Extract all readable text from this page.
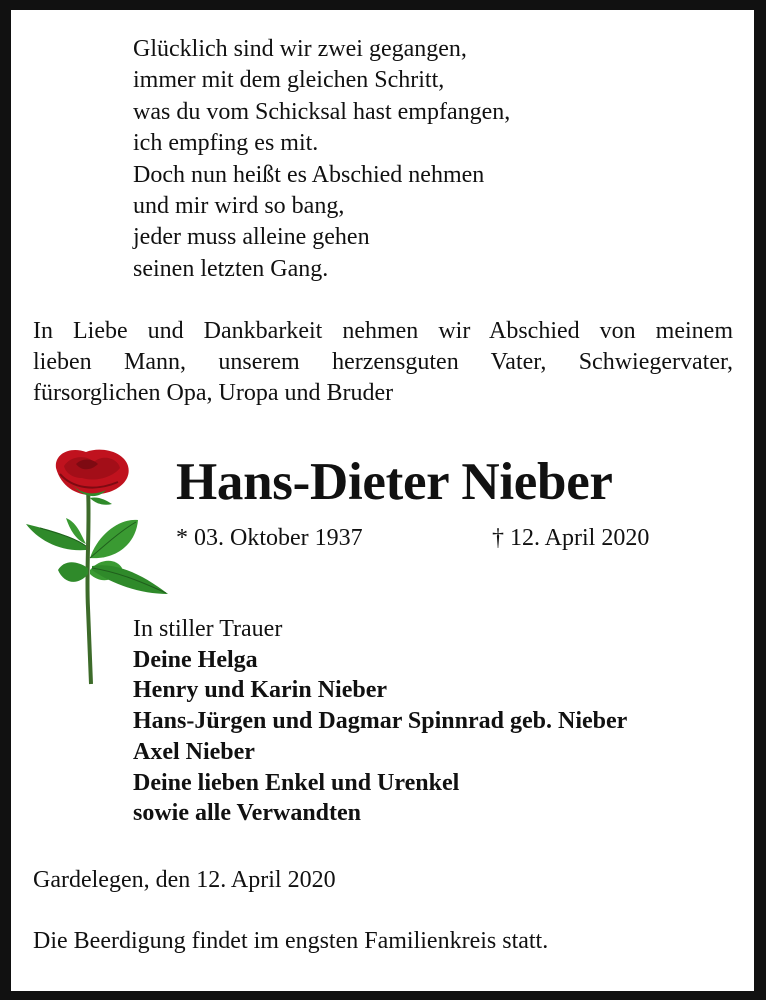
Glücklich sind wir zwei gegangen,
immer mit dem gleichen Schritt,
was du vom Schicksal hast empfangen,
ich empfing es mit.
Doch nun heißt es Abschied nehmen
und mir wird so bang,
jeder muss alleine gehen
seinen letzten Gang.
In Liebe und Dankbarkeit nehmen wir Abschied von meinem
lieben Mann, unserem herzensguten Vater, Schwiegervater,
fürsorglichen Opa, Uropa und Bruder
Hans-Dieter Nieber
* 03. Oktober 1937	† 12. April 2020
In stiller Trauer
Deine Helga
Henry und Karin Nieber
Hans-Jürgen und Dagmar Spinnrad geb. Nieber
Axel Nieber
Deine lieben Enkel und Urenkel
sowie alle Verwandten
Gardelegen, den 12. April 2020
Die Beerdigung findet im engsten Familienkreis statt.
